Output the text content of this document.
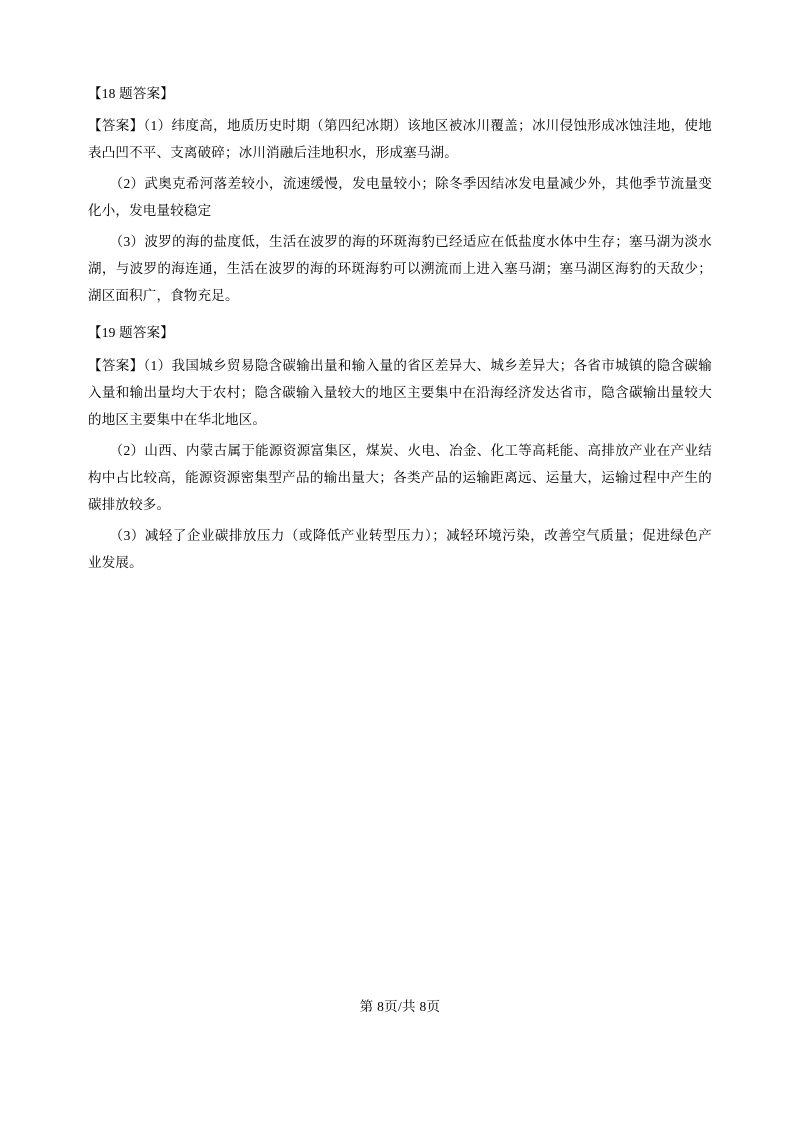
【18 题答案】

【答案】（1）纬度高，地质历史时期（第四纪冰期）该地区被冰川覆盖；冰川侵蚀形成冰蚀洼地，使地表凸凹不平、支离破碎；冰川消融后洼地积水，形成塞马湖。

（2）武奥克希河落差较小，流速缓慢，发电量较小；除冬季因结冰发电量减少外，其他季节流量变化小，发电量较稳定

（3）波罗的海的盐度低，生活在波罗的海的环斑海豹已经适应在低盐度水体中生存；塞马湖为淡水湖，与波罗的海连通，生活在波罗的海的环斑海豹可以溯流而上进入塞马湖；塞马湖区海豹的天敌少；湖区面积广，食物充足。

【19 题答案】

【答案】（1）我国城乡贸易隐含碳输出量和输入量的省区差异大、城乡差异大；各省市城镇的隐含碳输入量和输出量均大于农村；隐含碳输入量较大的地区主要集中在沿海经济发达省市，隐含碳输出量较大的地区主要集中在华北地区。

（2）山西、内蒙古属于能源资源富集区，煤炭、火电、冶金、化工等高耗能、高排放产业在产业结构中占比较高，能源资源密集型产品的输出量大；各类产品的运输距离远、运量大，运输过程中产生的碳排放较多。

（3）减轻了企业碳排放压力（或降低产业转型压力）；减轻环境污染，改善空气质量；促进绿色产业发展。

第 8页/共 8页
